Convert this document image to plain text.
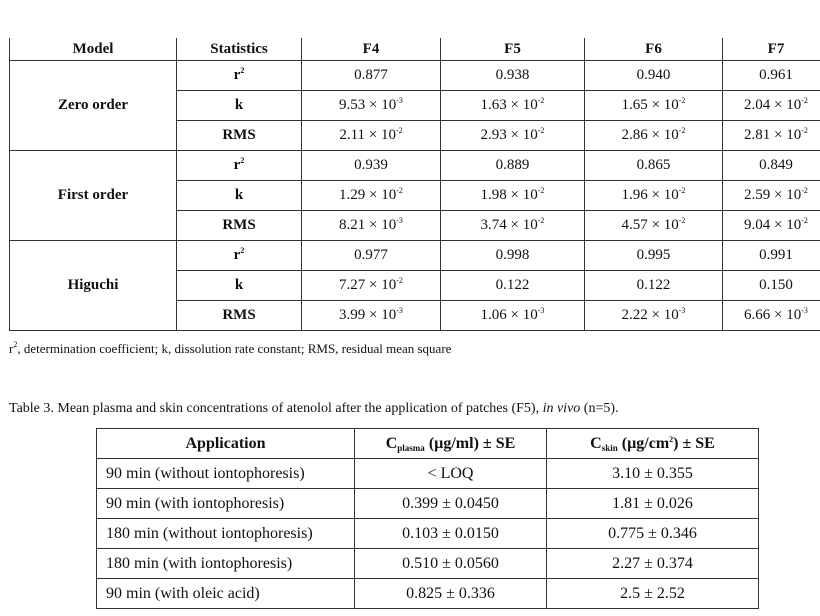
Model	Statistics	F4	F5	F6	F7
Zero order	$r^2$	0.877	0.938	0.940	0.961
	k	$9.53 \times 10^{-3}$	$1.63 \times 10^{-2}$	$1.65 \times 10^{-2}$	$2.04 \times 10^{-2}$
	RMS	$2.11 \times 10^{-2}$	$2.93 \times 10^{-2}$	$2.86 \times 10^{-2}$	$2.81 \times 10^{-2}$
First order	$r^2$	0.939	0.889	0.865	0.849
	k	$1.29 \times 10^{-2}$	$1.98 \times 10^{-2}$	$1.96 \times 10^{-2}$	$2.59 \times 10^{-2}$
	RMS	$8.21 \times 10^{-3}$	$3.74 \times 10^{-2}$	$4.57 \times 10^{-2}$	$9.04 \times 10^{-2}$
Higuchi	$r^2$	0.977	0.998	0.995	0.991
	k	$7.27 \times 10^{-2}$	0.122	0.122	0.150
	RMS	$3.99 \times 10^{-3}$	$1.06 \times 10^{-3}$	$2.22 \times 10^{-3}$	$6.66 \times 10^{-3}$
$r^2$, determination coefficient; k, dissolution rate constant; RMS, residual mean square
Table 3. Mean plasma and skin concentrations of atenolol after the application of patches (F5), in vivo (n=5).
Application	$C_{plasma}$ (µg/ml) ± SE	$C_{skin}$ $(\mu g/cm^2)$ ± SE
90 min (without iontophoresis)	< LOQ	3.10 ± 0.355
90 min (with iontophoresis)	0.399 ± 0.0450	1.81 ± 0.026
180 min (without iontophoresis)	0.103 ± 0.0150	0.775 ± 0.346
180 min (with iontophoresis)	0.510 ± 0.0560	2.27 ± 0.374
90 min (with oleic acid)	0.825 ± 0.336	2.5 ± 2.52
